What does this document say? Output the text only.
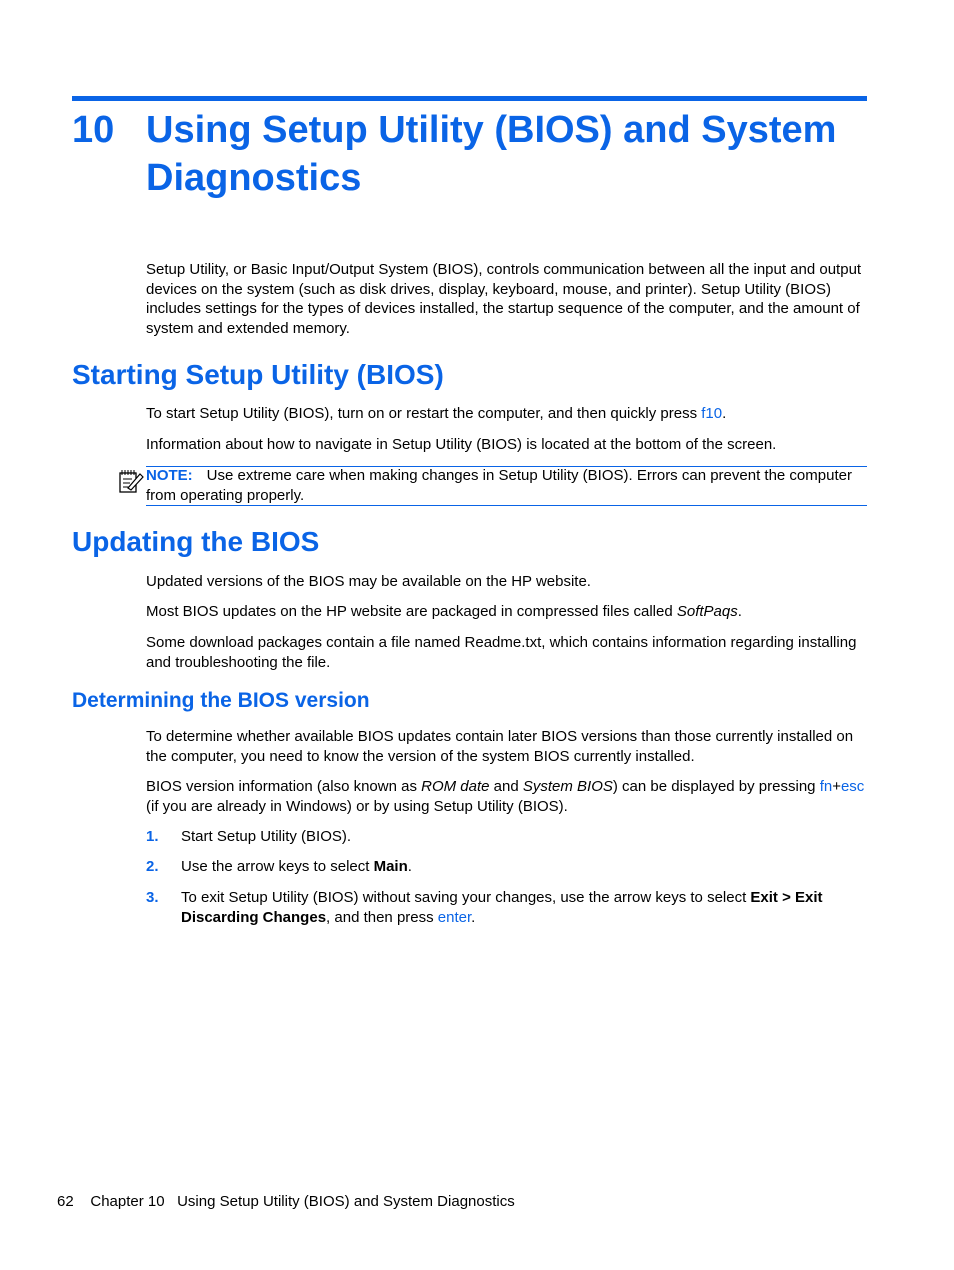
10 Using Setup Utility (BIOS) and System Diagnostics
Setup Utility, or Basic Input/Output System (BIOS), controls communication between all the input and output devices on the system (such as disk drives, display, keyboard, mouse, and printer). Setup Utility (BIOS) includes settings for the types of devices installed, the startup sequence of the computer, and the amount of system and extended memory.
Starting Setup Utility (BIOS)
To start Setup Utility (BIOS), turn on or restart the computer, and then quickly press f10.
Information about how to navigate in Setup Utility (BIOS) is located at the bottom of the screen.
NOTE: Use extreme care when making changes in Setup Utility (BIOS). Errors can prevent the computer from operating properly.
Updating the BIOS
Updated versions of the BIOS may be available on the HP website.
Most BIOS updates on the HP website are packaged in compressed files called SoftPaqs.
Some download packages contain a file named Readme.txt, which contains information regarding installing and troubleshooting the file.
Determining the BIOS version
To determine whether available BIOS updates contain later BIOS versions than those currently installed on the computer, you need to know the version of the system BIOS currently installed.
BIOS version information (also known as ROM date and System BIOS) can be displayed by pressing fn+esc (if you are already in Windows) or by using Setup Utility (BIOS).
1. Start Setup Utility (BIOS).
2. Use the arrow keys to select Main.
3. To exit Setup Utility (BIOS) without saving your changes, use the arrow keys to select Exit > Exit Discarding Changes, and then press enter.
62 Chapter 10 Using Setup Utility (BIOS) and System Diagnostics
